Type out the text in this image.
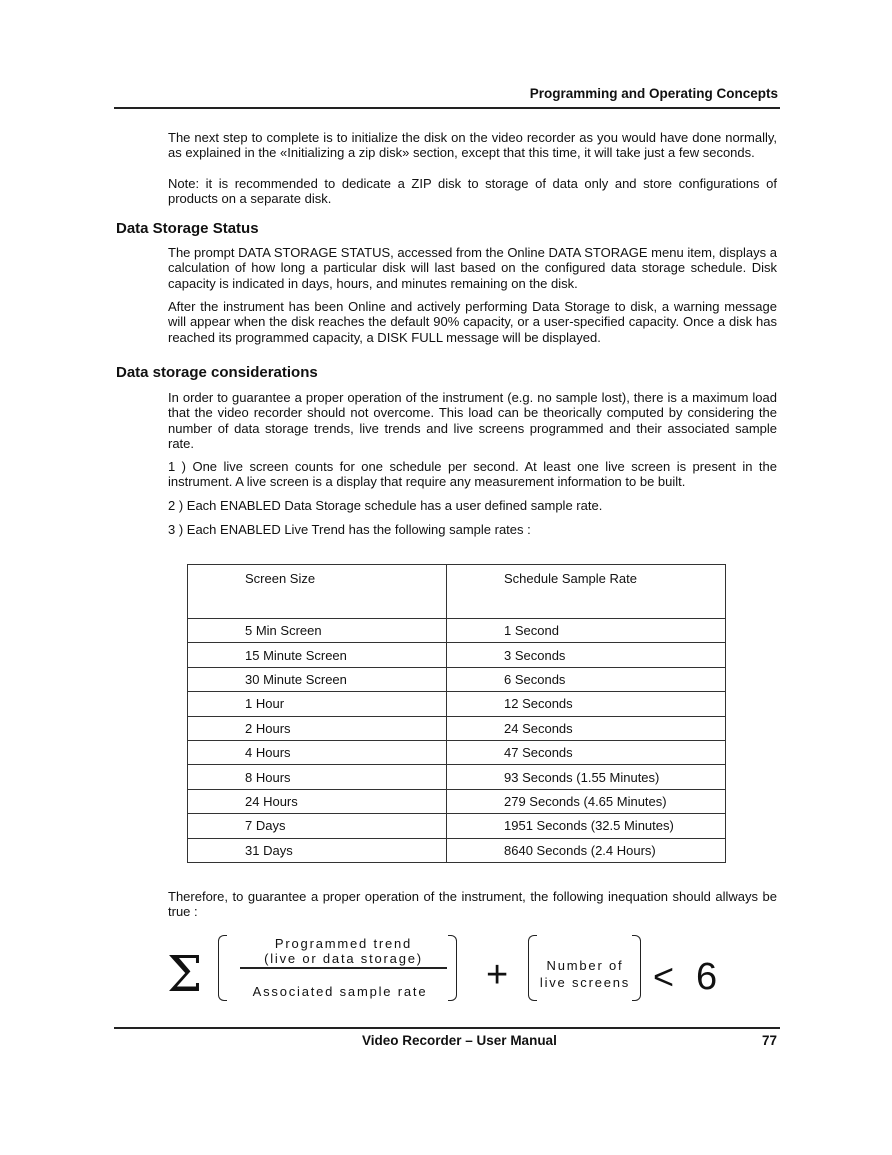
Programming and Operating Concepts

The next step to complete is to initialize the disk on the video recorder as you would have done normally, as explained in the «Initializing a zip disk» section, except that this time, it will take just a few seconds.

Note: it is recommended to dedicate a ZIP disk to storage of data only and store configurations of products on a separate disk.

Data Storage Status

The prompt DATA STORAGE STATUS, accessed from the Online DATA STORAGE menu item, displays a calculation of how long a particular disk will last based on the configured data storage schedule. Disk capacity is indicated in days, hours, and minutes remaining on the disk.

After the instrument has been Online and actively performing Data Storage to disk, a warning message will appear when the disk reaches the default 90% capacity, or a user-specified capacity. Once a disk has reached its programmed capacity, a DISK FULL message will be displayed.

Data storage considerations

In order to guarantee a proper operation of the instrument (e.g. no sample lost), there is a maximum load that the video recorder should not overcome. This load can be theorically computed by considering the number of data storage trends, live trends and live screens programmed and their associated sample rate.

1 ) One live screen counts for one schedule per second. At least one live screen is present in the instrument. A live screen is a display that require any measurement information to be built.

2 ) Each ENABLED Data Storage schedule has a user defined sample rate.

3 ) Each ENABLED Live Trend has the following sample rates :

Screen Size	Schedule Sample Rate
5 Min Screen	1 Second
15 Minute Screen	3 Seconds
30 Minute Screen	6 Seconds
1 Hour	12 Seconds
2 Hours	24 Seconds
4 Hours	47 Seconds
8 Hours	93 Seconds (1.55 Minutes)
24 Hours	279 Seconds (4.65 Minutes)
7 Days	1951 Seconds (32.5 Minutes)
31 Days	8640 Seconds (2.4 Hours)

Therefore, to guarantee a proper operation of the instrument, the following inequation should allways be true :

Σ
Programmed trend
(live or data storage)
Associated sample rate	+	Number of
live screens < 6
Video Recorder – User Manual	77
